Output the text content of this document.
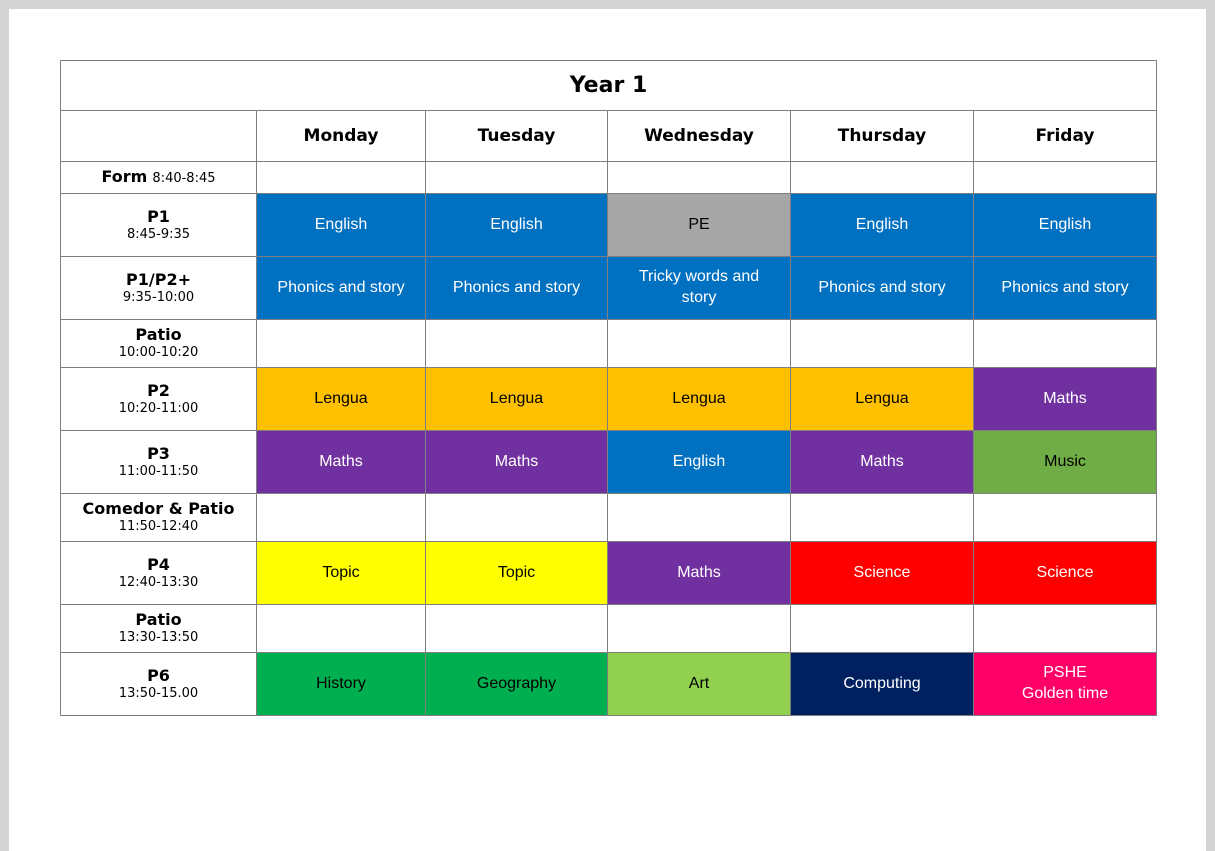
Year 1					
	Monday	Tuesday	Wednesday	Thursday	Friday
Form 8:40-8:45	

P1
8:45-9:35	English	English	PE	English	English

P1/P2+
9:35-10:00	Phonics and story	Phonics and story	Tricky words and
story	Phonics and story	Phonics and story

Patio
10:00-10:20					

P2
10:20-11:00	Lengua	Lengua	Lengua	Lengua	Maths

P3
11:00-11:50	Maths	Maths	English	Maths	Music

Comedor & Patio
11:50-12:40					

P4
12:40-13:30	Topic	Topic	Maths	Science	Science

Patio
13:30-13:50					

P6
13:50-15.00	History	Geography	Art	Computing	PSHE
Golden time
